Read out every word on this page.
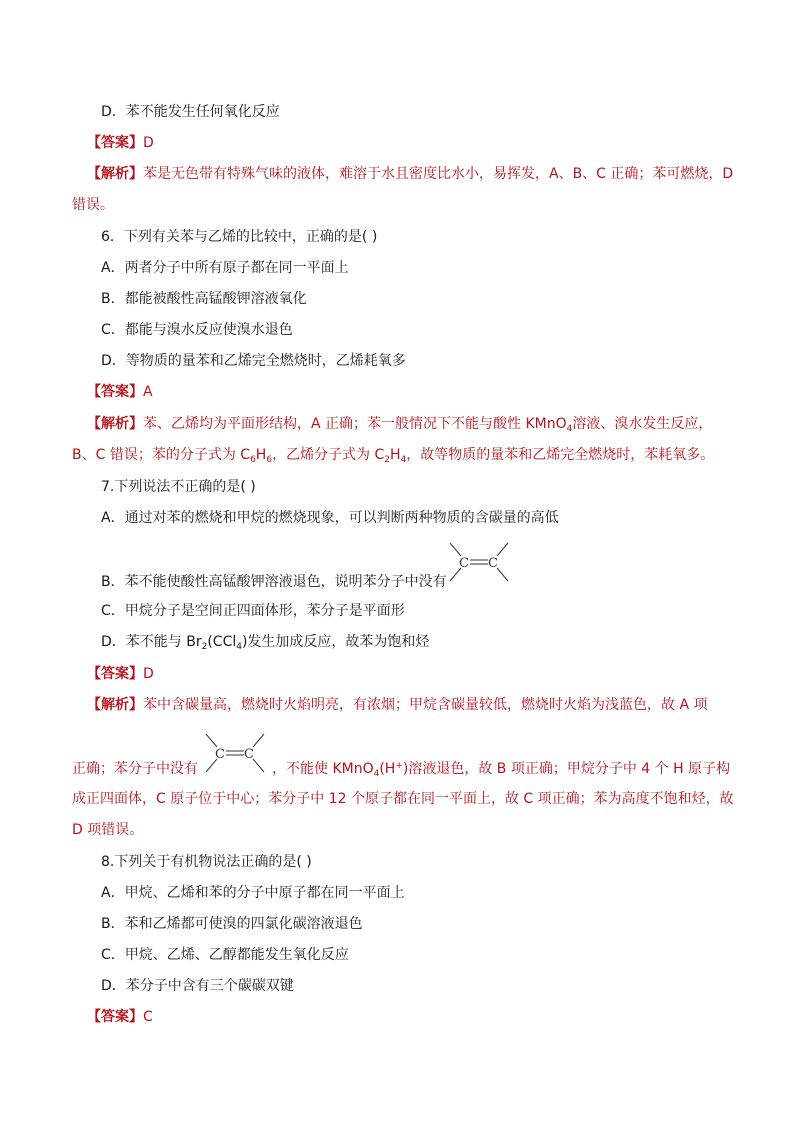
D．苯不能发生任何氧化反应
【答案】D
【解析】苯是无色带有特殊气味的液体，难溶于水且密度比水小，易挥发，A、B、C 正确；苯可燃烧，D
错误。
6．下列有关苯与乙烯的比较中，正确的是( )
A．两者分子中所有原子都在同一平面上
B．都能被酸性高锰酸钾溶液氧化
C．都能与溴水反应使溴水退色
D．等物质的量苯和乙烯完全燃烧时，乙烯耗氧多
【答案】A
【解析】苯、乙烯均为平面形结构，A 正确；苯一般情况下不能与酸性 KMnO$_4$溶液、溴水发生反应，
B、C 错误；苯的分子式为 $C_6H_6$，乙烯分子式为 $C_2H_4$，故等物质的量苯和乙烯完全燃烧时，苯耗氧多。
7.下列说法不正确的是( )
A．通过对苯的燃烧和甲烷的燃烧现象，可以判断两种物质的含碳量的高低
B．苯不能使酸性高锰酸钾溶液退色，说明苯分子中没有
C C
C．甲烷分子是空间正四面体形，苯分子是平面形
D．苯不能与 $Br_2(CCl_4)$发生加成反应，故苯为饱和烃
【答案】D
【解析】苯中含碳量高，燃烧时火焰明亮，有浓烟；甲烷含碳量较低，燃烧时火焰为浅蓝色，故 A 项
C C
正确；苯分子中没有	，不能使 KMnO$_4$(H+)溶液退色，故 B 项正确；甲烷分子中 4 个 H 原子构
成正四面体，C 原子位于中心；苯分子中 12 个原子都在同一平面上，故 C 项正确；苯为高度不饱和烃，故
D 项错误。
8.下列关于有机物说法正确的是( )
A．甲烷、乙烯和苯的分子中原子都在同一平面上
B．苯和乙烯都可使溴的四氯化碳溶液退色
C．甲烷、乙烯、乙醇都能发生氧化反应
D．苯分子中含有三个碳碳双键
【答案】C
